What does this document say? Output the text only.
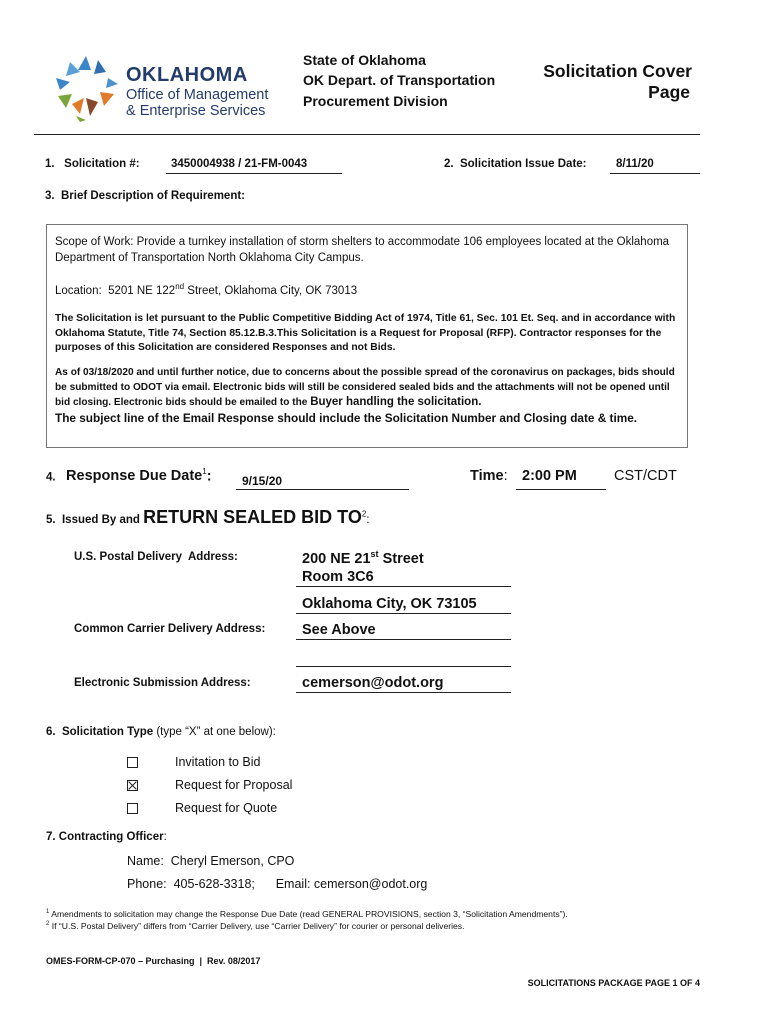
OKLAHOMA
Office of Management
& Enterprise Services
State of Oklahoma
OK Depart. of Transportation
Procurement Division
Solicitation Cover
Page
1.   Solicitation #:	3450004938 / 21-FM-0043	2.  Solicitation Issue Date:	8/11/20
3.  Brief Description of Requirement:

Scope of Work: Provide a turnkey installation of storm shelters to accommodate 106 employees located at the Oklahoma Department of Transportation North Oklahoma City Campus.

Location:  5201 NE 122nd Street, Oklahoma City, OK 73013

The Solicitation is let pursuant to the Public Competitive Bidding Act of 1974, Title 61, Sec. 101 Et. Seq. and in accordance with Oklahoma Statute, Title 74, Section 85.12.B.3.This Solicitation is a Request for Proposal (RFP). Contractor responses for the purposes of this Solicitation are considered Responses and not Bids.

As of 03/18/2020 and until further notice, due to concerns about the possible spread of the coronavirus on packages, bids should be submitted to ODOT via email. Electronic bids will still be considered sealed bids and the attachments will not be opened until bid closing. Electronic bids should be emailed to the Buyer handling the solicitation.
The subject line of the Email Response should include the Solicitation Number and Closing date & time.

4. Response Due Date$^1$:	9/15/20	Time: 2:00 PM	CST/CDT
5.  Issued By and RETURN SEALED BID $TO^2$:
U.S. Postal Delivery  Address:	200 NE 21st Street
Room 3C6
Oklahoma City, OK 73105
Common Carrier Delivery Address:	See Above
Electronic Submission Address:	cemerson@odot.org
6.  Solicitation Type (type “X” at one below):
Invitation to Bid
Request for Proposal
Request for Quote
7. Contracting Officer:
Name:  Cheryl Emerson, CPO
Phone:  405-628-3318;      Email: cemerson@odot.org
$^1$ Amendments to solicitation may change the Response Due Date (read GENERAL PROVISIONS, section 3, “Solicitation Amendments”).
$^2$ If “U.S. Postal Delivery” differs from “Carrier Delivery, use “Carrier Delivery” for courier or personal deliveries.
OMES-FORM-CP-070 – Purchasing  |  Rev. 08/2017
SOLICITATIONS PACKAGE PAGE 1 OF 4
